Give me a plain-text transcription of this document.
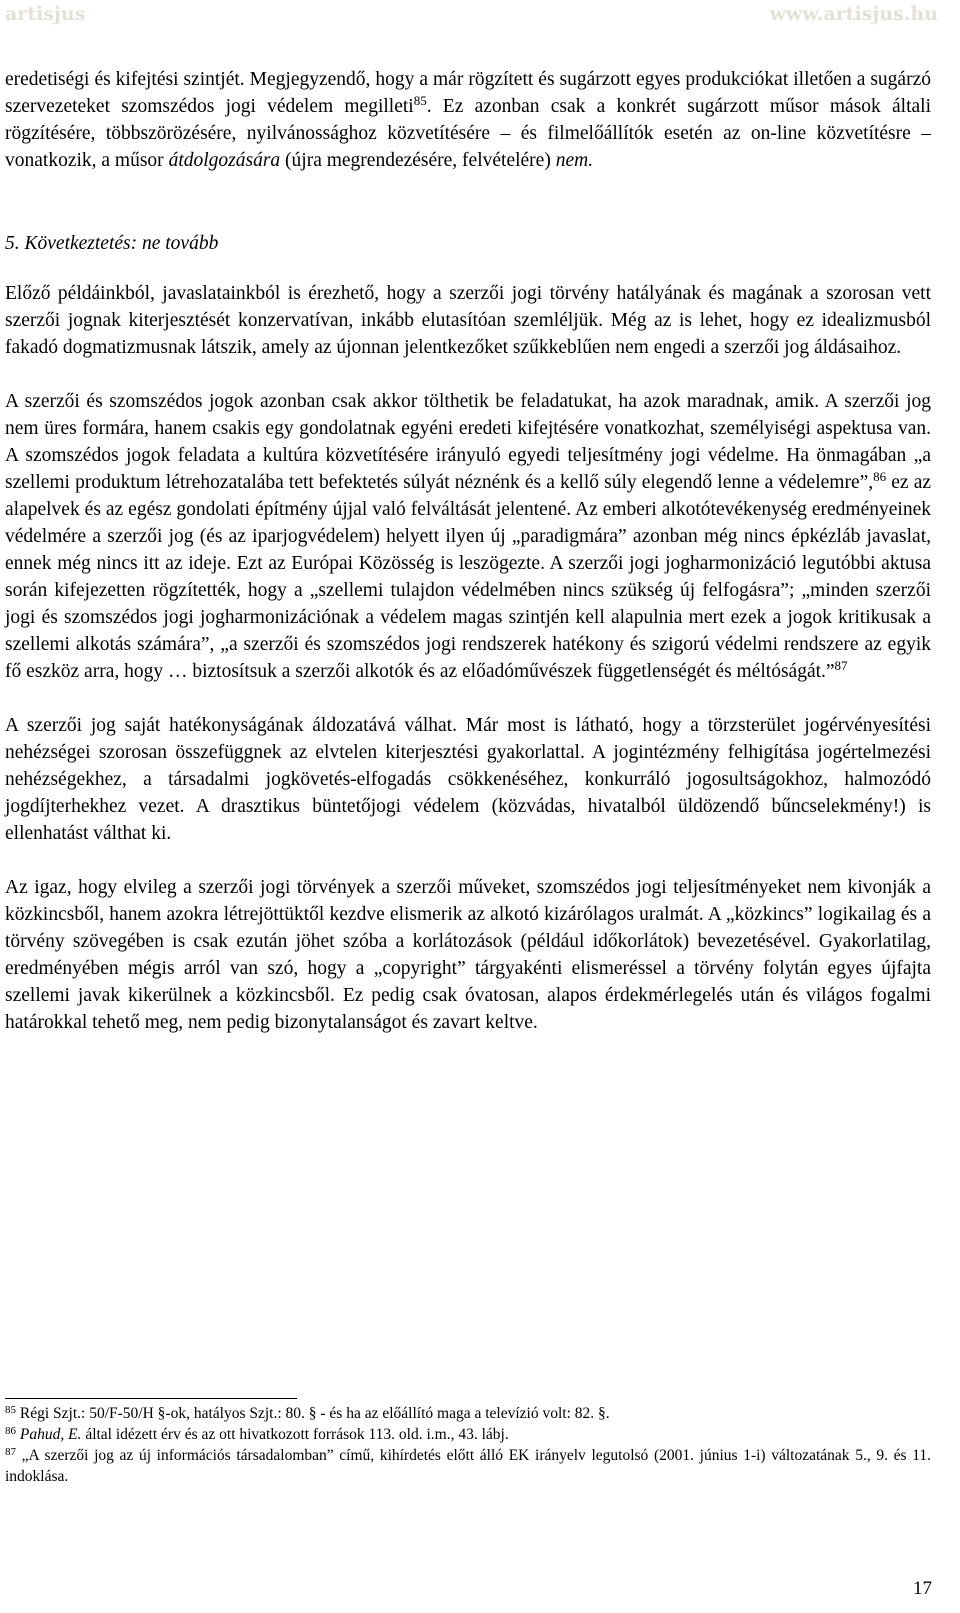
artisjus	www.artisjus.hu

eredetiségi és kifejtési szintjét. Megjegyzendő, hogy a már rögzített és sugárzott egyes produkciókat illetően a sugárzó szervezeteket szomszédos jogi védelem megilleti$^{85}$. Ez azonban csak a konkrét sugárzott műsor mások általi rögzítésére, többszörözésére, nyilvánossághoz közvetítésére – és filmelőállítók esetén az on-line közvetítésre – vonatkozik, a műsor átdolgozására (újra megrendezésére, felvételére) nem.

5. Következtetés: ne tovább

Előző példáinkból, javaslatainkból is érezhető, hogy a szerzői jogi törvény hatályának és magának a szorosan vett szerzői jognak kiterjesztését konzervatívan, inkább elutasítóan szemléljük. Még az is lehet, hogy ez idealizmusból fakadó dogmatizmusnak látszik, amely az újonnan jelentkezőket szűkkeblűen nem engedi a szerzői jog áldásaihoz.

A szerzői és szomszédos jogok azonban csak akkor tölthetik be feladatukat, ha azok maradnak, amik. A szerzői jog nem üres formára, hanem csakis egy gondolatnak egyéni eredeti kifejtésére vonatkozhat, személyiségi aspektusa van. A szomszédos jogok feladata a kultúra közvetítésére irányuló egyedi teljesítmény jogi védelme. Ha önmagában „a szellemi produktum létrehozatalába tett befektetés súlyát néznénk és a kellő súly elegendő lenne a védelemre”,$^{86}$ ez az alapelvek és az egész gondolati építmény újjal való felváltását jelentené. Az emberi alkotótevékenység eredményeinek védelmére a szerzői jog (és az iparjogvédelem) helyett ilyen új „paradigmára” azonban még nincs épkézláb javaslat, ennek még nincs itt az ideje. Ezt az Európai Közösség is leszögezte. A szerzői jogi jogharmonizáció legutóbbi aktusa során kifejezetten rögzítették, hogy a „szellemi tulajdon védelmében nincs szükség új felfogásra”; „minden szerzői jogi és szomszédos jogi jogharmonizációnak a védelem magas szintjén kell alapulnia mert ezek a jogok kritikusak a szellemi alkotás számára”, „a szerzői és szomszédos jogi rendszerek hatékony és szigorú védelmi rendszere az egyik fő eszköz arra, hogy … biztosítsuk a szerzői alkotók és az előadóművészek függetlenségét és méltóságát.”$^{87}$

A szerzői jog saját hatékonyságának áldozatává válhat. Már most is látható, hogy a törzsterület jogérvényesítési nehézségei szorosan összefüggnek az elvtelen kiterjesztési gyakorlattal. A jogintézmény felhigítása jogértelmezési nehézségekhez, a társadalmi jogkövetés-elfogadás csökkenéséhez, konkurráló jogosultságokhoz, halmozódó jogdíjterhekhez vezet. A drasztikus büntetőjogi védelem (közvádas, hivatalból üldözendő bűncselekmény!) is ellenhatást válthat ki.

Az igaz, hogy elvileg a szerzői jogi törvények a szerzői műveket, szomszédos jogi teljesítményeket nem kivonják a közkincsből, hanem azokra létrejöttüktől kezdve elismerik az alkotó kizárólagos uralmát. A „közkincs” logikailag és a törvény szövegében is csak ezután jöhet szóba a korlátozások (például időkorlátok) bevezetésével. Gyakorlatilag, eredményében mégis arról van szó, hogy a „copyright” tárgyakénti elismeréssel a törvény folytán egyes újfajta szellemi javak kikerülnek a közkincsből. Ez pedig csak óvatosan, alapos érdekmérlegelés után és világos fogalmi határokkal tehető meg, nem pedig bizonytalanságot és zavart keltve.

$^{85}$ Régi Szjt.: 50/F-50/H §-ok, hatályos Szjt.: 80. § - és ha az előállító maga a televízió volt: 82. §.

$^{86}$ Pahud, E. által idézett érv és az ott hivatkozott források 113. old. i.m., 43. lábj.

$^{87}$ „A szerzői jog az új információs társadalomban” című, kihírdetés előtt álló EK irányelv legutolsó (2001. június 1-i) változatának 5., 9. és 11. indoklása.

17
